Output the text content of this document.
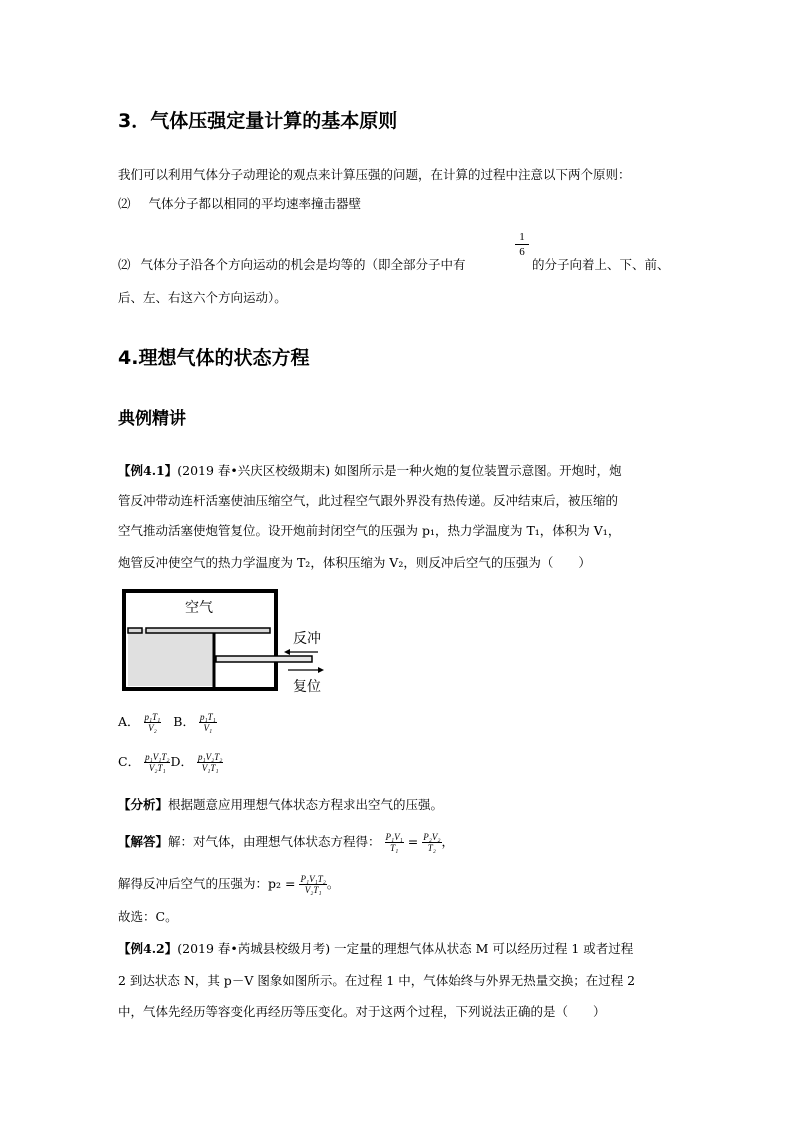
3．气体压强定量计算的基本原则
我们可以利用气体分子动理论的观点来计算压强的问题，在计算的过程中注意以下两个原则：
⑵ 气体分子都以相同的平均速率撞击器壁
⑵ 气体分子沿各个方向运动的机会是均等的（即全部分子中有
$\frac{1}{6}$
的分子向着上、下、前、
后、左、右这六个方向运动）。
4.理想气体的状态方程
典例精讲
【例4.1】(2019 春•兴庆区校级期末) 如图所示是一种火炮的复位装置示意图。开炮时，炮
管反冲带动连杆活塞使油压缩空气，此过程空气跟外界没有热传递。反冲结束后，被压缩的
空气推动活塞使炮管复位。设开炮前封闭空气的压强为 p₁，热力学温度为 T₁，体积为 V₁，
炮管反冲使空气的热力学温度为 T₂，体积压缩为 V₂，则反冲后空气的压强为（　　）
空气
反冲
复位
A． $\frac{\text{p₁T₁}}{\text{V₂}}$ B． $\frac{\text{p₁T₁}}{\text{V₁}}$
C． $\frac{\text{p₁V₁T₂}}{\text{V₂T₁}}$ D． $\frac{\text{p₁V₂T₂}}{\text{V₁T₁}}$
【分析】根据题意应用理想气体状态方程求出空气的压强。
【解答】解：对气体，由理想气体状态方程得： $\frac{\text{P₁V₁}}{\text{T₁}} = \frac{\text{P₂V₂}}{\text{T₂}}$ ，
解得反冲后空气的压强为：$p_2 = \frac{\text{P₁V₁T₂}}{\text{V₂T₁}}$ 。
故选：C。
【例4.2】(2019 春•芮城县校级月考) 一定量的理想气体从状态 M 可以经历过程 1 或者过程
2 到达状态 N，其 p－V 图象如图所示。在过程 1 中，气体始终与外界无热量交换；在过程 2
中，气体先经历等容变化再经历等压变化。对于这两个过程，下列说法正确的是（　　）
